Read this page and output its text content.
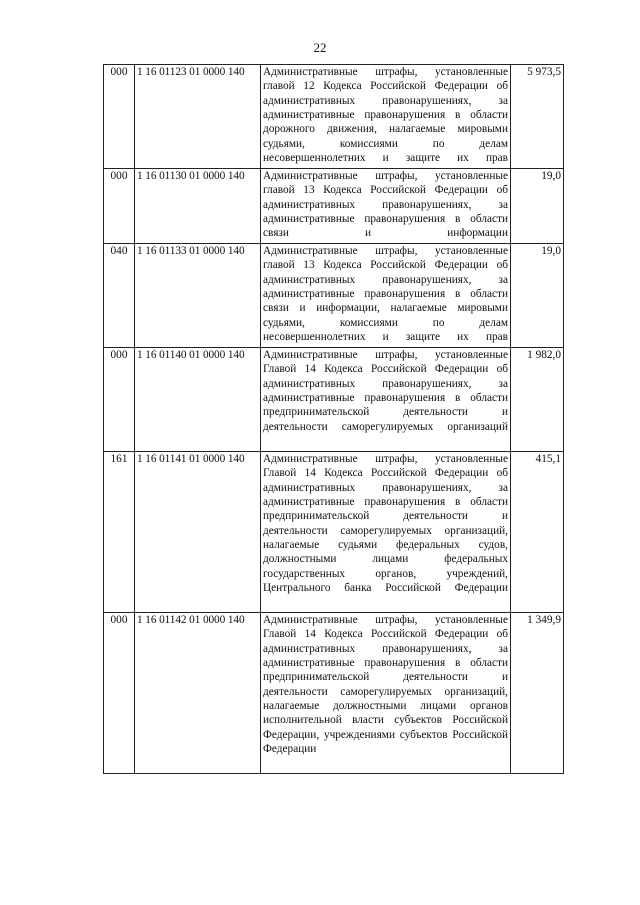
22
000	1 16 01123 01 0000 140	Административные штрафы, установленные главой 12 Кодекса Российской Федерации об административных правонарушениях, за административные правонарушения в области дорожного движения, налагаемые мировыми судьями, комиссиями по делам несовершеннолетних и защите их прав	5 973,5
000	1 16 01130 01 0000 140	Административные штрафы, установленные главой 13 Кодекса Российской Федерации об административных правонарушениях, за административные правонарушения в области связи и информации	19,0
040	1 16 01133 01 0000 140	Административные штрафы, установленные главой 13 Кодекса Российской Федерации об административных правонарушениях, за административные правонарушения в области связи и информации, налагаемые мировыми судьями, комиссиями по делам несовершеннолетних и защите их прав	19,0
000	1 16 01140 01 0000 140	Административные штрафы, установленные Главой 14 Кодекса Российской Федерации об административных правонарушениях, за административные правонарушения в области предпринимательской деятельности и деятельности саморегулируемых организаций	1 982,0
161	1 16 01141 01 0000 140	Административные штрафы, установленные Главой 14 Кодекса Российской Федерации об административных правонарушениях, за административные правонарушения в области предпринимательской деятельности и деятельности саморегулируемых организаций, налагаемые судьями федеральных судов, должностными лицами федеральных государственных органов, учреждений, Центрального банка Российской Федерации	415,1
000	1 16 01142 01 0000 140	Административные штрафы, установленные Главой 14 Кодекса Российской Федерации об административных правонарушениях, за административные правонарушения в области предпринимательской деятельности и деятельности саморегулируемых организаций, налагаемые должностными лицами органов исполнительной власти субъектов Российской Федерации, учреждениями субъектов Российской Федерации	1 349,9
